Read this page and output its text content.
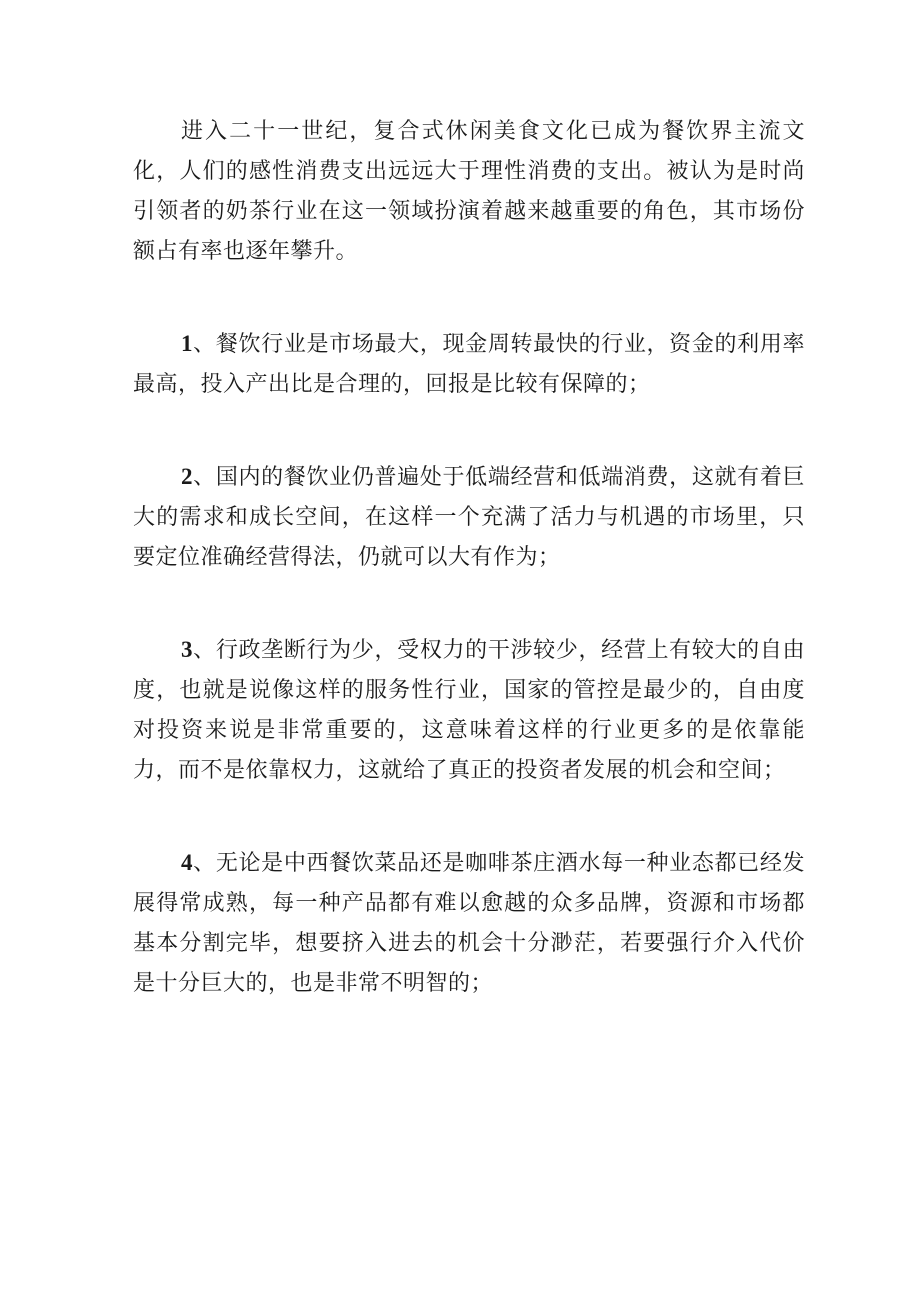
进入二十一世纪，复合式休闲美食文化已成为餐饮界主流文化，人们的感性消费支出远远大于理性消费的支出。被认为是时尚引领者的奶茶行业在这一领域扮演着越来越重要的角色，其市场份额占有率也逐年攀升。

1、餐饮行业是市场最大，现金周转最快的行业，资金的利用率最高，投入产出比是合理的，回报是比较有保障的；

2、国内的餐饮业仍普遍处于低端经营和低端消费，这就有着巨大的需求和成长空间，在这样一个充满了活力与机遇的市场里，只要定位准确经营得法，仍就可以大有作为；

3、行政垄断行为少，受权力的干涉较少，经营上有较大的自由度，也就是说像这样的服务性行业，国家的管控是最少的，自由度对投资来说是非常重要的，这意味着这样的行业更多的是依靠能力，而不是依靠权力，这就给了真正的投资者发展的机会和空间；

4、无论是中西餐饮菜品还是咖啡茶庄酒水每一种业态都已经发展得常成熟，每一种产品都有难以愈越的众多品牌，资源和市场都基本分割完毕，想要挤入进去的机会十分渺茫，若要强行介入代价是十分巨大的，也是非常不明智的；
